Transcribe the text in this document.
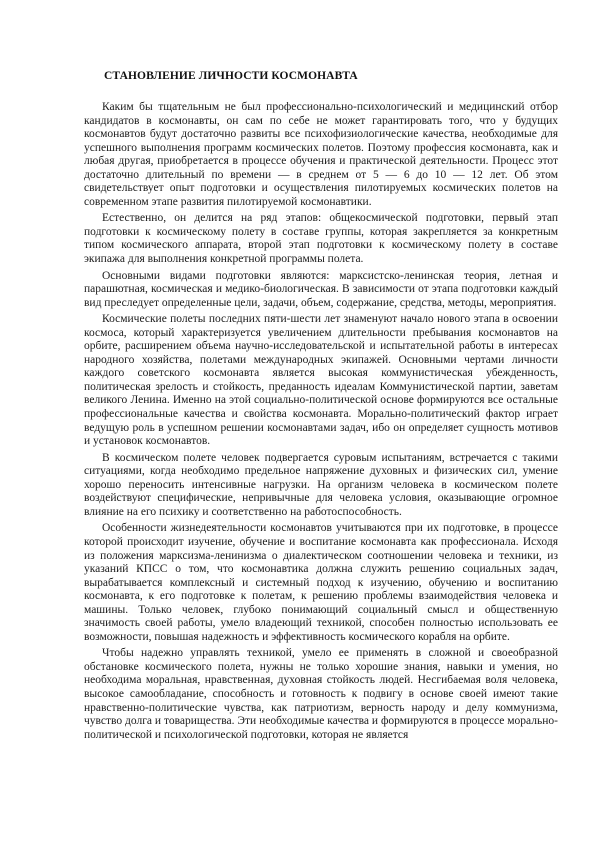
СТАНОВЛЕНИЕ ЛИЧНОСТИ КОСМОНАВТА

Каким бы тщательным не был профессионально-психологический и медицинский отбор кандидатов в космонавты, он сам по себе не может гарантировать того, что у будущих космонавтов будут достаточно развиты все психофизиологические качества, необходимые для успешного выполнения программ космических полетов. Поэтому профессия космонавта, как и любая другая, приобретается в процессе обучения и практической деятельности. Процесс этот достаточно длительный по времени — в среднем от 5 — 6 до 10 — 12 лет. Об этом свидетельствует опыт подготовки и осуществления пилотируемых космических полетов на современном этапе развития пилотируемой космонавтики.

Естественно, он делится на ряд этапов: общекосмической подготовки, первый этап подготовки к космическому полету в составе группы, которая закрепляется за конкретным типом космического аппарата, второй этап подготовки к космическому полету в составе экипажа для выполнения конкретной программы полета.

Основными видами подготовки являются: марксистско-ленинская теория, летная и парашютная, космическая и медико-биологическая. В зависимости от этапа подготовки каждый вид преследует определенные цели, задачи, объем, содержание, средства, методы, мероприятия.

Космические полеты последних пяти-шести лет знаменуют начало нового этапа в освоении космоса, который характеризуется увеличением длительности пребывания космонавтов на орбите, расширением объема научно-исследовательской и испытательной работы в интересах народного хозяйства, полетами международных экипажей. Основными чертами личности каждого советского космонавта является высокая коммунистическая убежденность, политическая зрелость и стойкость, преданность идеалам Коммунистической партии, заветам великого Ленина. Именно на этой социально-политической основе формируются все остальные профессиональные качества и свойства космонавта. Морально-политический фактор играет ведущую роль в успешном решении космонавтами задач, ибо он определяет сущность мотивов и установок космонавтов.

В космическом полете человек подвергается суровым испытаниям, встречается с такими ситуациями, когда необходимо предельное напряжение духовных и физических сил, умение хорошо переносить интенсивные нагрузки. На организм человека в космическом полете воздействуют специфические, непривычные для человека условия, оказывающие огромное влияние на его психику и соответственно на работоспособность.

Особенности жизнедеятельности космонавтов учитываются при их подготовке, в процессе которой происходит изучение, обучение и воспитание космонавта как профессионала. Исходя из положения марксизма-ленинизма о диалектическом соотношении человека и техники, из указаний КПСС о том, что космонавтика должна служить решению социальных задач, вырабатывается комплексный и системный подход к изучению, обучению и воспитанию космонавта, к его подготовке к полетам, к решению проблемы взаимодействия человека и машины. Только человек, глубоко понимающий социальный смысл и общественную значимость своей работы, умело владеющий техникой, способен полностью использовать ее возможности, повышая надежность и эффективность космического корабля на орбите.

Чтобы надежно управлять техникой, умело ее применять в сложной и своеобразной обстановке космического полета, нужны не только хорошие знания, навыки и умения, но необходима моральная, нравственная, духовная стойкость людей. Несгибаемая воля человека, высокое самообладание, способность и готовность к подвигу в основе своей имеют такие нравственно-политические чувства, как патриотизм, верность народу и делу коммунизма, чувство долга и товарищества. Эти необходимые качества и формируются в процессе морально-политической и психологической подготовки, которая не является
